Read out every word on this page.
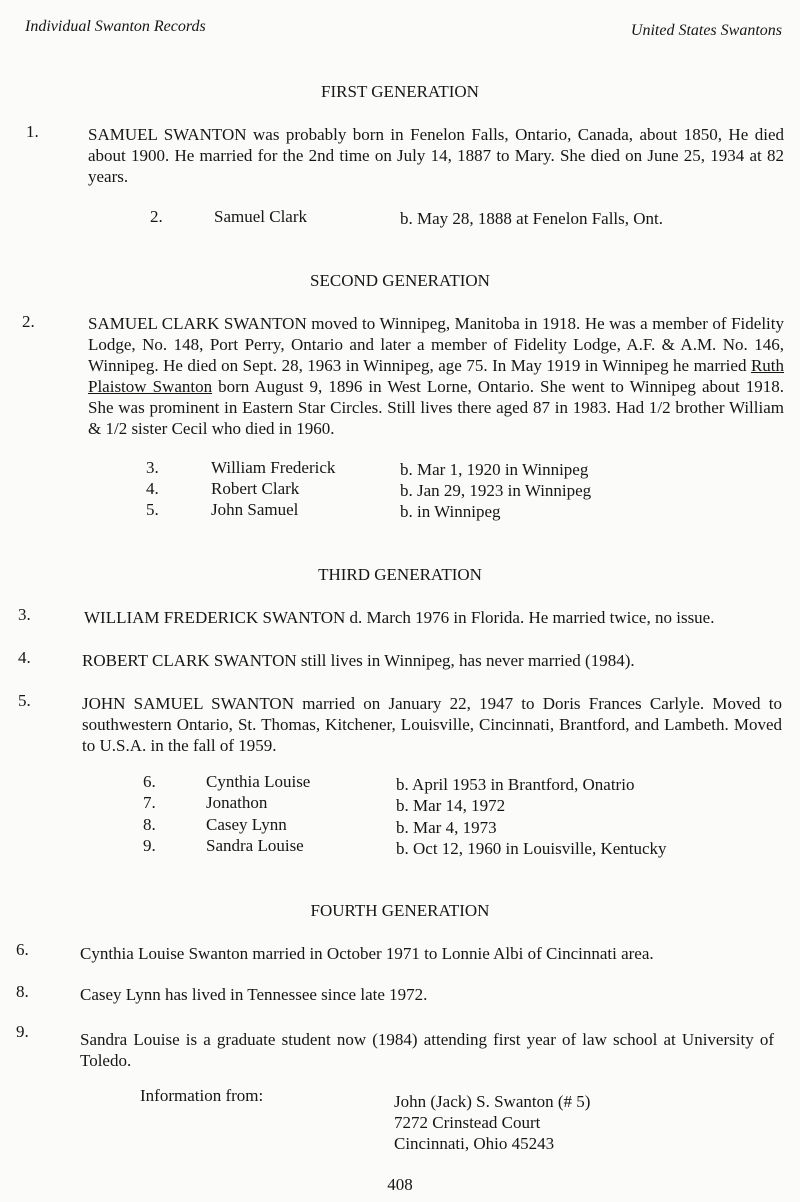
Individual Swanton Records	United States Swantons
FIRST GENERATION
1.	SAMUEL SWANTON was probably born in Fenelon Falls, Ontario, Canada, about 1850, He died about 1900. He married for the 2nd time on July 14, 1887 to Mary. She died on June 25, 1934 at 82 years.
2.	Samuel Clark	b. May 28, 1888 at Fenelon Falls, Ont.
SECOND GENERATION
2.	SAMUEL CLARK SWANTON moved to Winnipeg, Manitoba in 1918. He was a member of Fidelity Lodge, No. 148, Port Perry, Ontario and later a member of Fidelity Lodge, A.F. & A.M. No. 146, Winnipeg. He died on Sept. 28, 1963 in Winnipeg, age 75. In May 1919 in Winnipeg he married Ruth Plaistow Swanton born August 9, 1896 in West Lorne, Ontario. She went to Winnipeg about 1918. She was prominent in Eastern Star Circles. Still lives there aged 87 in 1983. Had 1/2 brother William & 1/2 sister Cecil who died in 1960.
3.	William Frederick	b. Mar 1, 1920 in Winnipeg
4.	Robert Clark	b. Jan 29, 1923 in Winnipeg
5.	John Samuel	b. in Winnipeg
THIRD GENERATION
3.	WILLIAM FREDERICK SWANTON d. March 1976 in Florida. He married twice, no issue.
4.	ROBERT CLARK SWANTON still lives in Winnipeg, has never married (1984).
5.	JOHN SAMUEL SWANTON married on January 22, 1947 to Doris Frances Carlyle. Moved to southwestern Ontario, St. Thomas, Kitchener, Louisville, Cincinnati, Brantford, and Lambeth. Moved to U.S.A. in the fall of 1959.
6.	Cynthia Louise	b. April 1953 in Brantford, Onatrio
7.	Jonathon	b. Mar 14, 1972
8.	Casey Lynn	b. Mar 4, 1973
9.	Sandra Louise	b. Oct 12, 1960 in Louisville, Kentucky
FOURTH GENERATION
6.	Cynthia Louise Swanton married in October 1971 to Lonnie Albi of Cincinnati area.
8.	Casey Lynn has lived in Tennessee since late 1972.
9.	Sandra Louise is a graduate student now (1984) attending first year of law school at University of Toledo.
Information from:	John (Jack) S. Swanton (# 5)
7272 Crinstead Court
Cincinnati, Ohio 45243
408
